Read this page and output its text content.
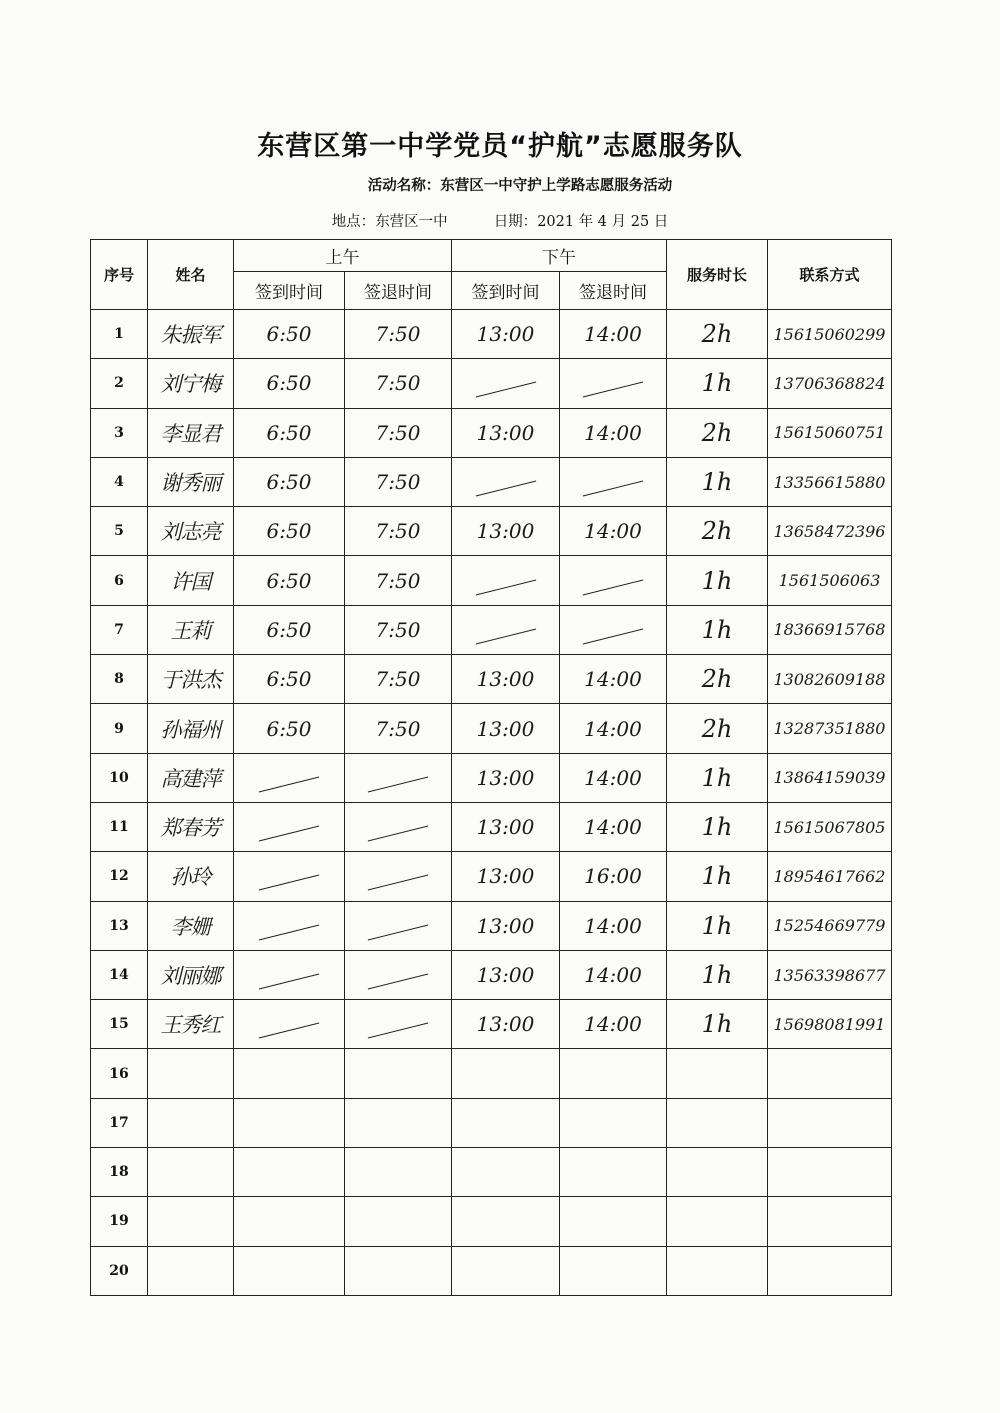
东营区第一中学党员“护航”志愿服务队
活动名称：东营区一中守护上学路志愿服务活动
地点：东营区一中	日期：2021 年 4 月 25 日
序号	姓名	上午		下午		服务时长	联系方式
		签到时间	签退时间	签到时间	签退时间		
1	朱振军	6:50	7:50	13:00	14:00	2h	15615060299
2	刘宁梅	6:50	7:50			1h	13706368824
3	李显君	6:50	7:50	13:00	14:00	2h	15615060751
4	谢秀丽	6:50	7:50			1h	13356615880
5	刘志亮	6:50	7:50	13:00	14:00	2h	13658472396
6	许国	6:50	7:50			1h	1561506063
7	王莉	6:50	7:50			1h	18366915768
8	于洪杰	6:50	7:50	13:00	14:00	2h	13082609188
9	孙福州	6:50	7:50	13:00	14:00	2h	13287351880
10	高建萍			13:00	14:00	1h	13864159039
11	郑春芳			13:00	14:00	1h	15615067805
12	孙玲			13:00	16:00	1h	18954617662
13	李姗			13:00	14:00	1h	15254669779
14	刘丽娜			13:00	14:00	1h	13563398677
15	王秀红			13:00	14:00	1h	15698081991
16							
17							
18							
19							
20							
